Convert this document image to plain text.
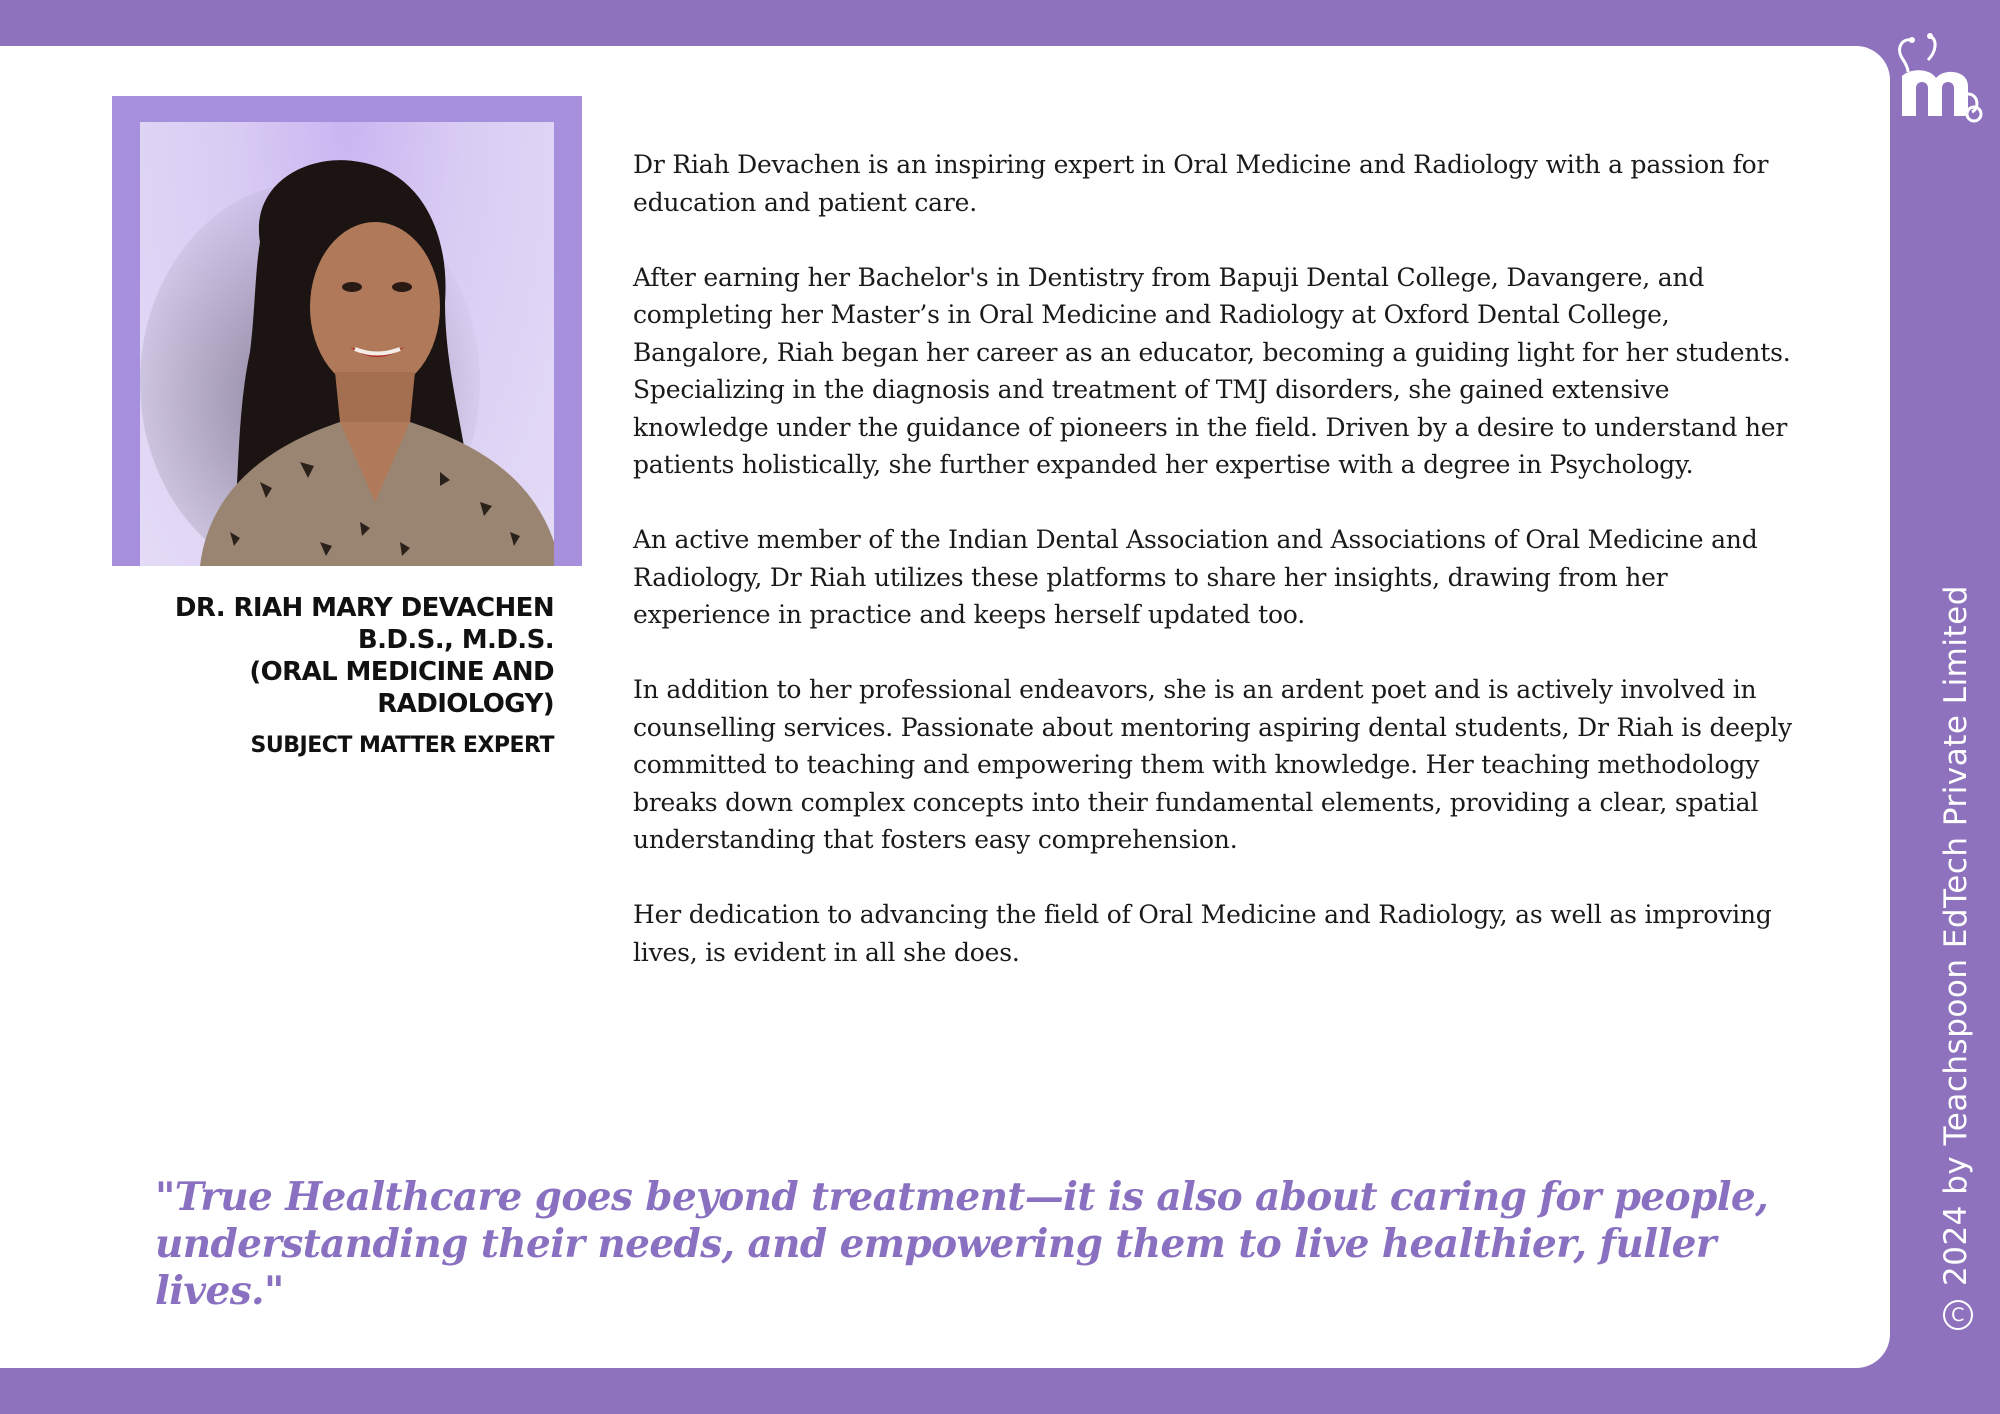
C2024 by Teachspoon EdTech Private Limited
DR. RIAH MARY DEVACHEN
B.D.S., M.D.S.
(ORAL MEDICINE AND
RADIOLOGY)
SUBJECT MATTER EXPERT

Dr Riah Devachen is an inspiring expert in Oral Medicine and Radiology with a passion for education and patient care.

After earning her Bachelor's in Dentistry from Bapuji Dental College, Davangere, and completing her Master’s in Oral Medicine and Radiology at Oxford Dental College, Bangalore, Riah began her career as an educator, becoming a guiding light for her students.

Specializing in the diagnosis and treatment of TMJ disorders, she gained extensive knowledge under the guidance of pioneers in the field. Driven by a desire to understand her patients holistically, she further expanded her expertise with a degree in Psychology.

An active member of the Indian Dental Association and Associations of Oral Medicine and Radiology, Dr Riah utilizes these platforms to share her insights, drawing from her experience in practice and keeps herself updated too.

In addition to her professional endeavors, she is an ardent poet and is actively involved in counselling services. Passionate about mentoring aspiring dental students, Dr Riah is deeply committed to teaching and empowering them with knowledge. Her teaching methodology breaks down complex concepts into their fundamental elements, providing a clear, spatial understanding that fosters easy comprehension.

Her dedication to advancing the field of Oral Medicine and Radiology, as well as improving lives, is evident in all she does.

"True Healthcare goes beyond treatment—it is also about caring for people,
understanding their needs, and empowering them to live healthier, fuller lives."
